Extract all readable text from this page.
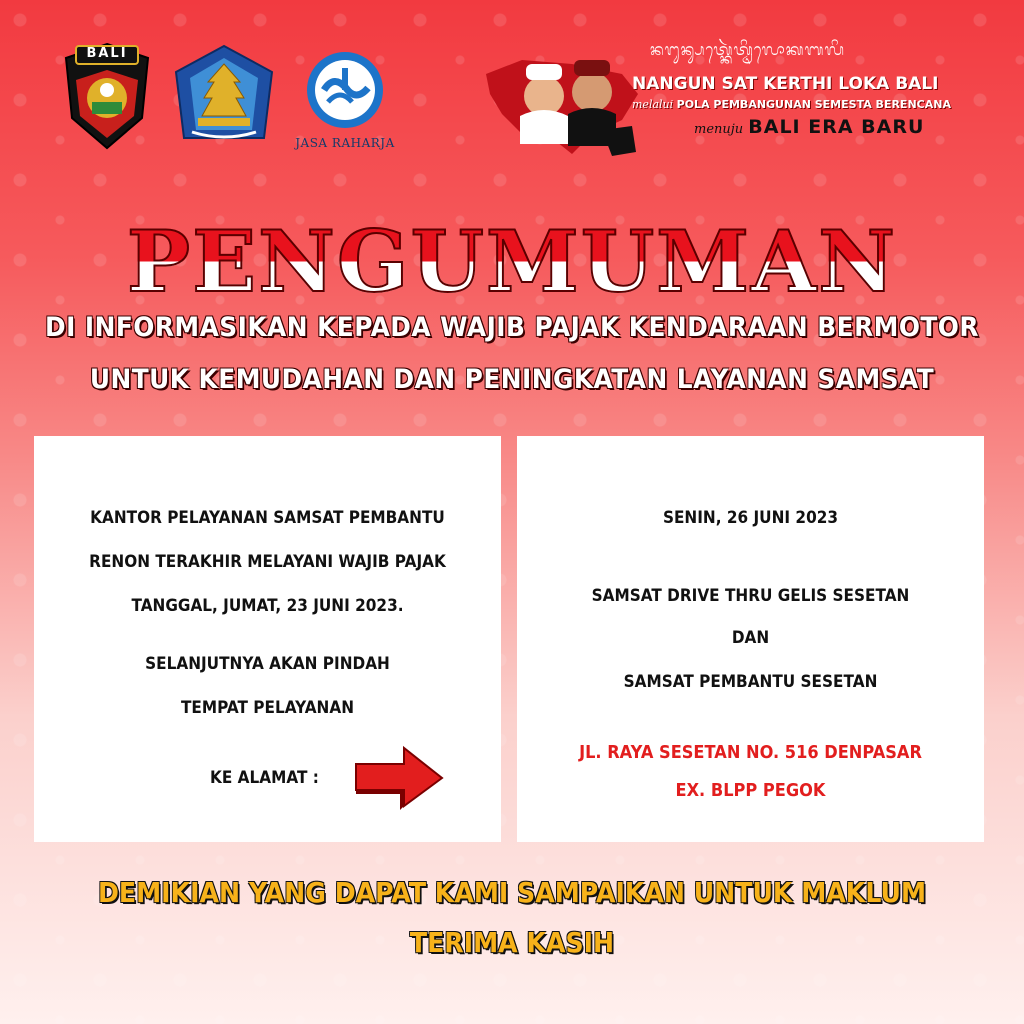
BALI
JASA RAHARJA
ᬦᬗᬸᬦ᭄ᬲᬢ᭄ᬓᬾᬃᬢ᭄ᬣᬶᬮᭀᬓᬩᬮᬶ
NANGUN SAT KERTHI LOKA BALI
melalui POLA PEMBANGUNAN SEMESTA BERENCANA
menuju BALI ERA BARU
PENGUMUMAN
DI INFORMASIKAN KEPADA WAJIB PAJAK KENDARAAN BERMOTOR
UNTUK KEMUDAHAN DAN PENINGKATAN LAYANAN SAMSAT
KANTOR PELAYANAN SAMSAT PEMBANTU
RENON TERAKHIR MELAYANI WAJIB PAJAK
TANGGAL, JUMAT, 23 JUNI 2023.
SELANJUTNYA AKAN PINDAH
TEMPAT PELAYANAN
KE ALAMAT :
SENIN, 26 JUNI 2023
SAMSAT DRIVE THRU GELIS SESETAN
DAN
SAMSAT PEMBANTU SESETAN
JL. RAYA SESETAN NO. 516 DENPASAR
EX. BLPP PEGOK
DEMIKIAN YANG DAPAT KAMI SAMPAIKAN UNTUK MAKLUM
TERIMA KASIH
